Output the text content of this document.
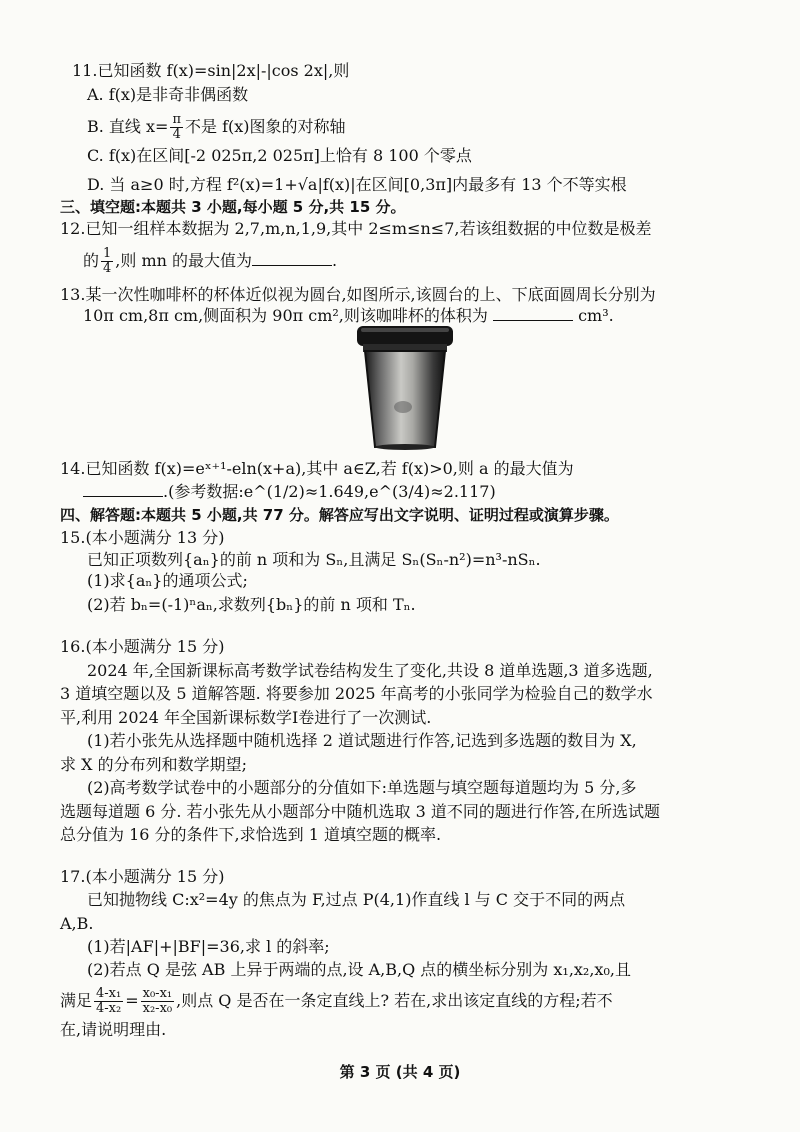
11.已知函数 f(x)=sin|2x|-|cos 2x|,则
A. f(x)是非奇非偶函数
B. 直线 $x= \frac{\pi}{4}$ 不是 f(x)图象的对称轴
C. f(x)在区间[-2 025π,2 025π]上恰有 8 100 个零点
D. 当 a≥0 时,方程 f²(x)=1+√a|f(x)|在区间[0,3π]内最多有 13 个不等实根
三、填空题:本题共 3 小题,每小题 5 分,共 15 分。
12.已知一组样本数据为 2,7,m,n,1,9,其中 2≤m≤n≤7,若该组数据的中位数是极差
的 $\frac{1}{4}$ ,则 mn 的最大值为	.
13.某一次性咖啡杯的杯体近似视为圆台,如图所示,该圆台的上、下底面圆周长分别为
10π cm,8π cm,侧面积为 90π cm²,则该咖啡杯的体积为	cm³.
14.已知函数 f(x)=eˣ⁺¹-eln(x+a),其中 a∈Z,若 f(x)>0,则 a 的最大值为
.(参考数据:e^(1/2)≈1.649,e^(3/4)≈2.117)
四、解答题:本题共 5 小题,共 77 分。解答应写出文字说明、证明过程或演算步骤。
15.(本小题满分 13 分)
已知正项数列{aₙ}的前 n 项和为 Sₙ,且满足 Sₙ(Sₙ-n²)=n³-nSₙ.
(1)求{aₙ}的通项公式;
(2)若 bₙ=(-1)ⁿaₙ,求数列{bₙ}的前 n 项和 Tₙ.
16.(本小题满分 15 分)
2024 年,全国新课标高考数学试卷结构发生了变化,共设 8 道单选题,3 道多选题,
3 道填空题以及 5 道解答题. 将要参加 2025 年高考的小张同学为检验自己的数学水
平,利用 2024 年全国新课标数学Ⅰ卷进行了一次测试.
(1)若小张先从选择题中随机选择 2 道试题进行作答,记选到多选题的数目为 X,
求 X 的分布列和数学期望;
(2)高考数学试卷中的小题部分的分值如下:单选题与填空题每道题均为 5 分,多
选题每道题 6 分. 若小张先从小题部分中随机选取 3 道不同的题进行作答,在所选试题
总分值为 16 分的条件下,求恰选到 1 道填空题的概率.
17.(本小题满分 15 分)
已知抛物线 C:x²=4y 的焦点为 F,过点 P(4,1)作直线 l 与 C 交于不同的两点
A,B.
(1)若|AF|+|BF|=36,求 l 的斜率;
(2)若点 Q 是弦 AB 上异于两端的点,设 A,B,Q 点的横坐标分别为 x₁,x₂,x₀,且
满足 $\frac{\text{4-x₁}}{\text{4-x₂}} = \frac{\text{x₀-x₁}}{\text{x₂-x₀}}$ ,则点 Q 是否在一条定直线上? 若在,求出该定直线的方程;若不
在,请说明理由.
第 3 页 (共 4 页)
